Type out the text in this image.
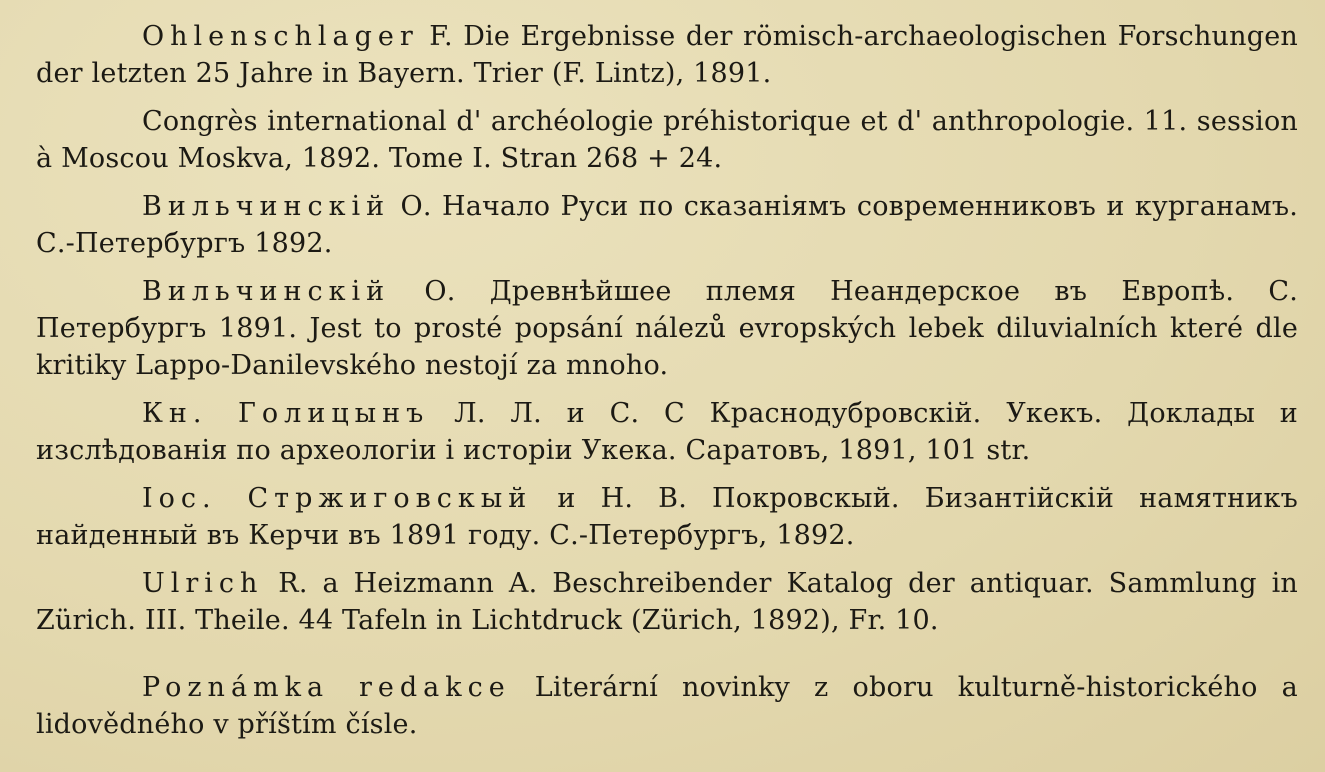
Ohlenschlager F. Die Ergebnisse der römisch-archaeologischen Forschungen der letzten 25 Jahre in Bayern. Trier (F. Lintz), 1891.

Congrès international d' archéologie préhistorique et d' anthropologie. 11. session à Moscou Moskva, 1892. Tome I. Stran 268 + 24.

Вильчинскій О. Начало Руси по сказаніямъ современниковъ и курганамъ. С.-Петербургъ 1892.

Вильчинскій О. Древнѣйшее племя Неандерское въ Европѣ. С. Петербургъ 1891. Jest to prosté popsání nálezů evropských lebek diluvialních které dle kritiky Lappo-Danilevského nestojí za mnoho.

Кн. Голицынъ Л. Л. и С. С Краснодубровскій. Укекъ. Доклады и изслѣдованія по археологіи і исторіи Укека. Саратовъ, 1891, 101 str.

Іос. Стржиговскый и Н. В. Покровскый. Бизантійскій намятникъ найденный въ Керчи въ 1891 году. С.-Петербургъ, 1892.

Ulrich R. a Heizmann A. Beschreibender Katalog der antiquar. Sammlung in Zürich. III. Theile. 44 Tafeln in Lichtdruck (Zürich, 1892), Fr. 10.

Poznámka redakce Literární novinky z oboru kulturně-historického a lidovědného v příštím čísle.
